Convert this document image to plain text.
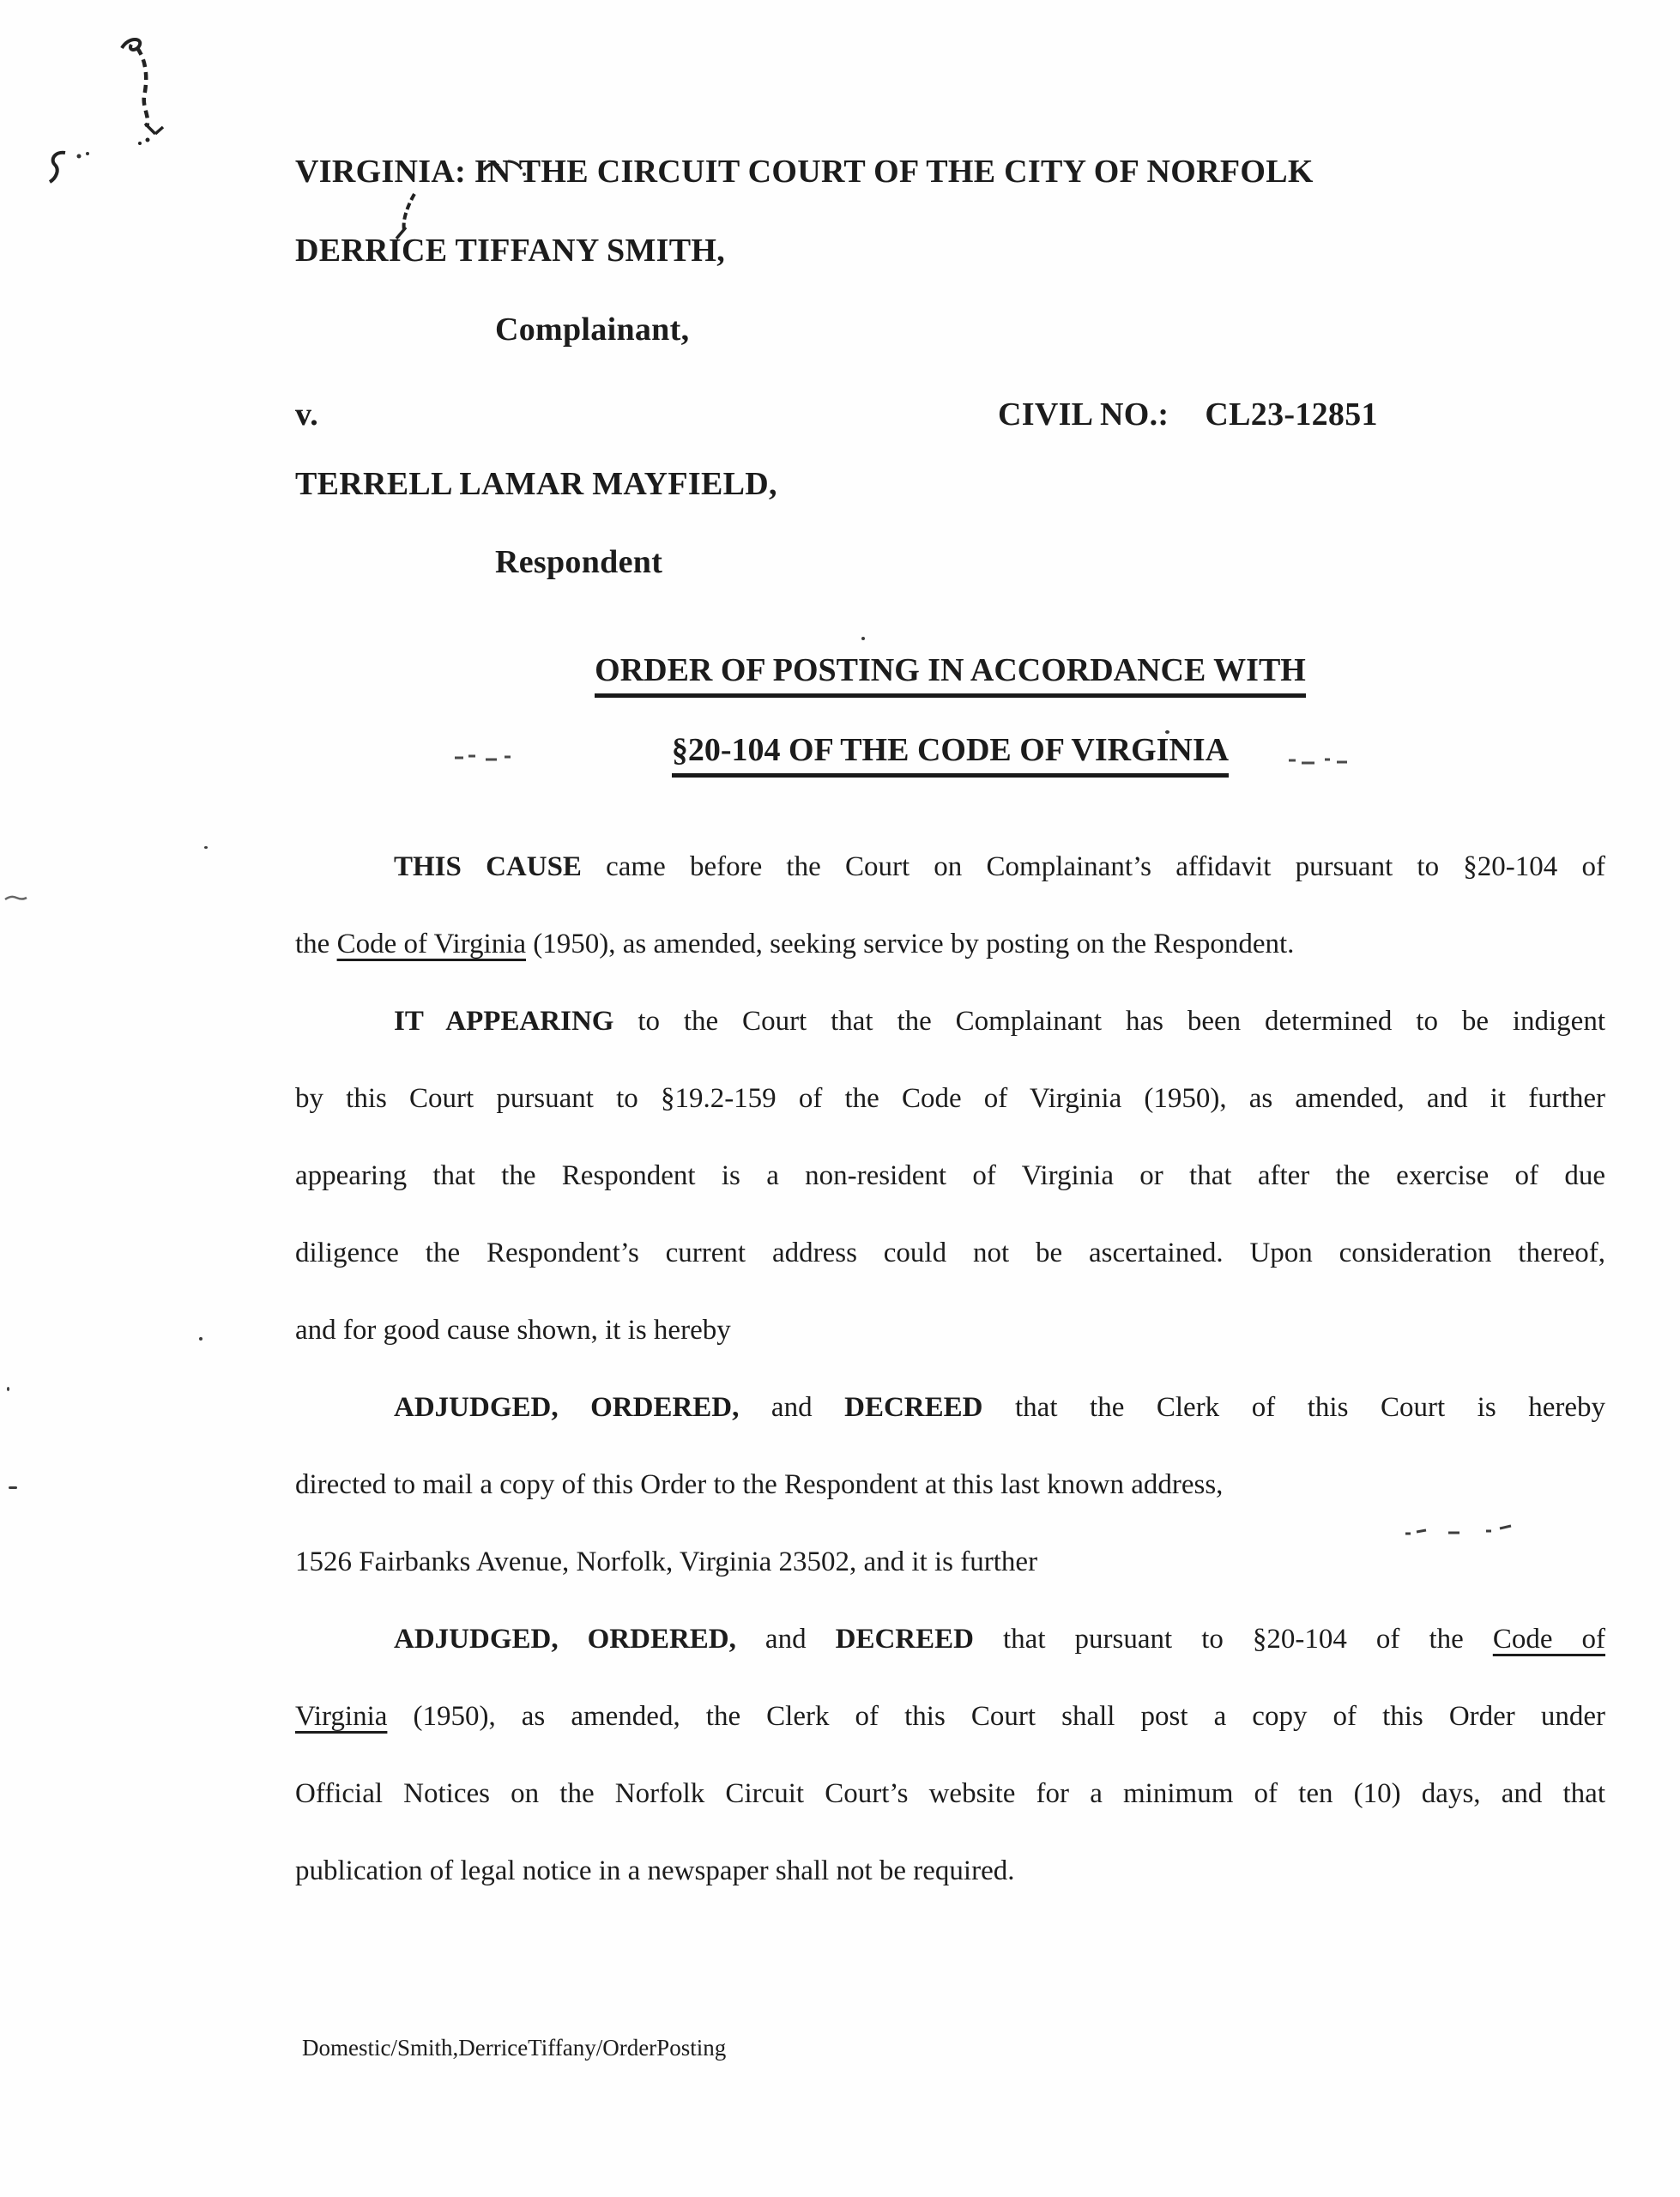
VIRGINIA: IN THE CIRCUIT COURT OF THE CITY OF NORFOLK
DERRICE TIFFANY SMITH,
Complainant,
v.	CIVIL NO.: CL23-12851
TERRELL LAMAR MAYFIELD,
Respondent
ORDER OF POSTING IN ACCORDANCE WITH
§20-104 OF THE CODE OF VIRGINIA
THIS CAUSE came before the Court on Complainant’s affidavit pursuant to §20-104 of
the Code of Virginia (1950), as amended, seeking service by posting on the Respondent.
IT APPEARING to the Court that the Complainant has been determined to be indigent
by this Court pursuant to §19.2-159 of the Code of Virginia (1950), as amended, and it further
appearing that the Respondent is a non-resident of Virginia or that after the exercise of due
diligence the Respondent’s current address could not be ascertained. Upon consideration thereof,
and for good cause shown, it is hereby
ADJUDGED, ORDERED, and DECREED that the Clerk of this Court is hereby
directed to mail a copy of this Order to the Respondent at this last known address,
1526 Fairbanks Avenue, Norfolk, Virginia 23502, and it is further
ADJUDGED, ORDERED, and DECREED that pursuant to §20-104 of the Code of
Virginia (1950), as amended, the Clerk of this Court shall post a copy of this Order under
Official Notices on the Norfolk Circuit Court’s website for a minimum of ten (10) days, and that
publication of legal notice in a newspaper shall not be required.
Domestic/Smith,DerriceTiffany/OrderPosting
